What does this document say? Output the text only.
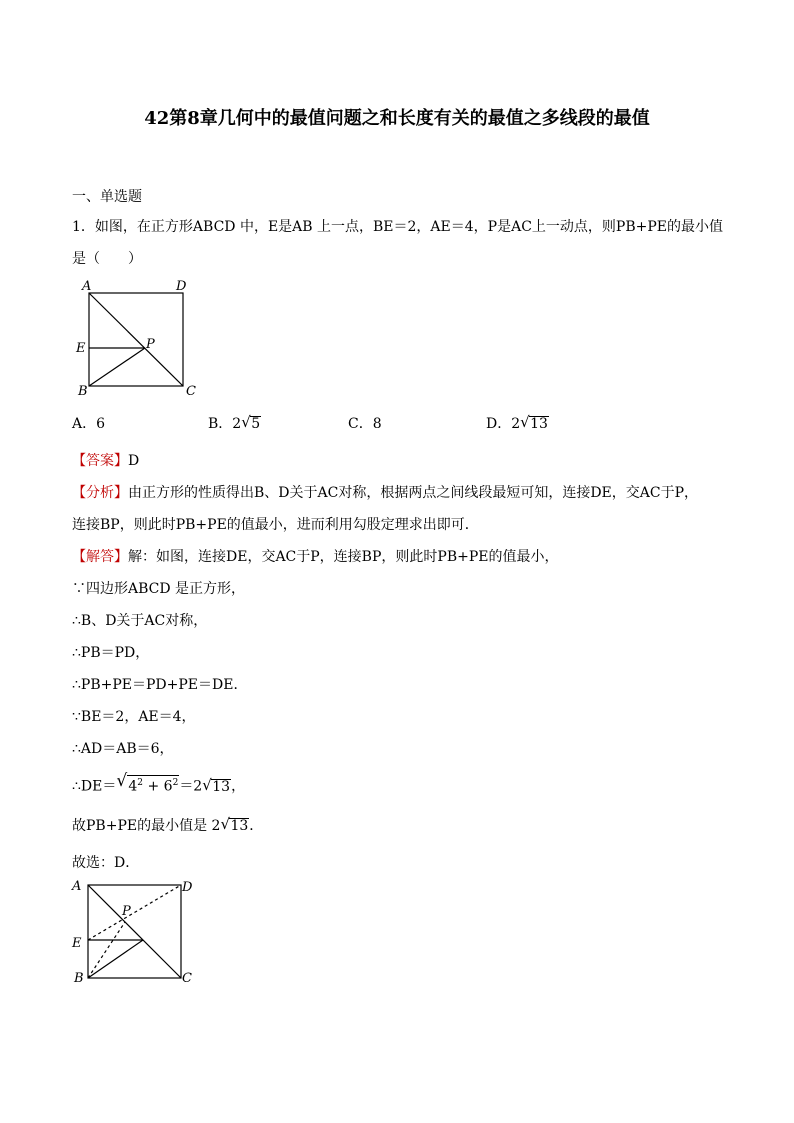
42第8章几何中的最值问题之和长度有关的最值之多线段的最值
一、单选题
1．如图，在正方形ABCD 中，E是AB 上一点，BE＝2，AE＝4，P是AC上一动点，则PB+PE的最小值
是（　　）
A	D
E	P
B	C
A．6	B．2 √ 5	C．8	D．2 √ 13
【答案】D
【分析】由正方形的性质得出B、D关于AC对称，根据两点之间线段最短可知，连接DE，交AC于P，
连接BP，则此时PB+PE的值最小，进而利用勾股定理求出即可．
【解答】解：如图，连接DE，交AC于P，连接BP，则此时PB+PE的值最小，
∵四边形ABCD 是正方形，
∴B、D关于AC对称，
∴PB＝PD，
∴PB+PE＝PD+PE＝DE．
∵BE＝2，AE＝4，
∴AD＝AB＝6，
∴DE＝ √ $4^2 + 6^2=2$ √ 13，
故PB+PE的最小值是 2 √ 13．
故选：D．
A	D
E
P
B	C
